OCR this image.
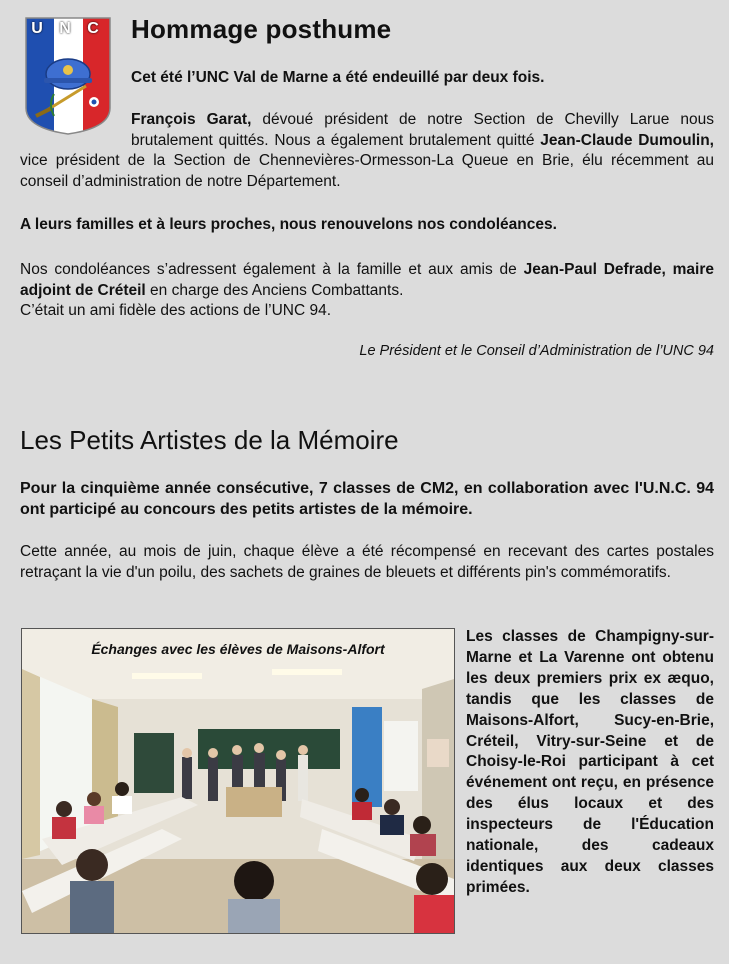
U N C Hommage posthume

Cet été l’UNC Val de Marne a été endeuillé par deux fois.

François Garat, dévoué président de notre Section de Chevilly Larue nous brutalement quittés. Nous a également brutalement quitté Jean-Claude Dumoulin, vice président de la Section de Chennevières-Ormesson-La Queue en Brie, élu récemment au conseil d’administration de notre Département.

A leurs familles et à leurs proches, nous renouvelons nos condoléances.

Nos condoléances s’adressent également à la famille et aux amis de Jean-Paul Defrade, maire adjoint de Créteil en charge des Anciens Combattants.
C’était un ami fidèle des actions de l’UNC 94.

Le Président et le Conseil d’Administration de l’UNC 94

Les Petits Artistes de la Mémoire

Pour la cinquième année consécutive, 7 classes de CM2, en collaboration avec l'U.N.C. 94 ont participé au concours des petits artistes de la mémoire.

Cette année, au mois de juin, chaque élève a été récompensé en recevant des cartes postales retraçant la vie d'un poilu, des sachets de graines de bleuets et différents pin's commémoratifs.

Échanges avec les élèves de Maisons-Alfort

Les classes de Champigny-sur-Marne et La Varenne ont obtenu les deux premiers prix ex æquo, tandis que les classes de Maisons-Alfort, Sucy-en-Brie, Créteil, Vitry-sur-Seine et de Choisy-le-Roi participant à cet événement ont reçu, en présence des élus locaux et des inspecteurs de l'Éducation nationale, des cadeaux identiques aux deux classes primées.
